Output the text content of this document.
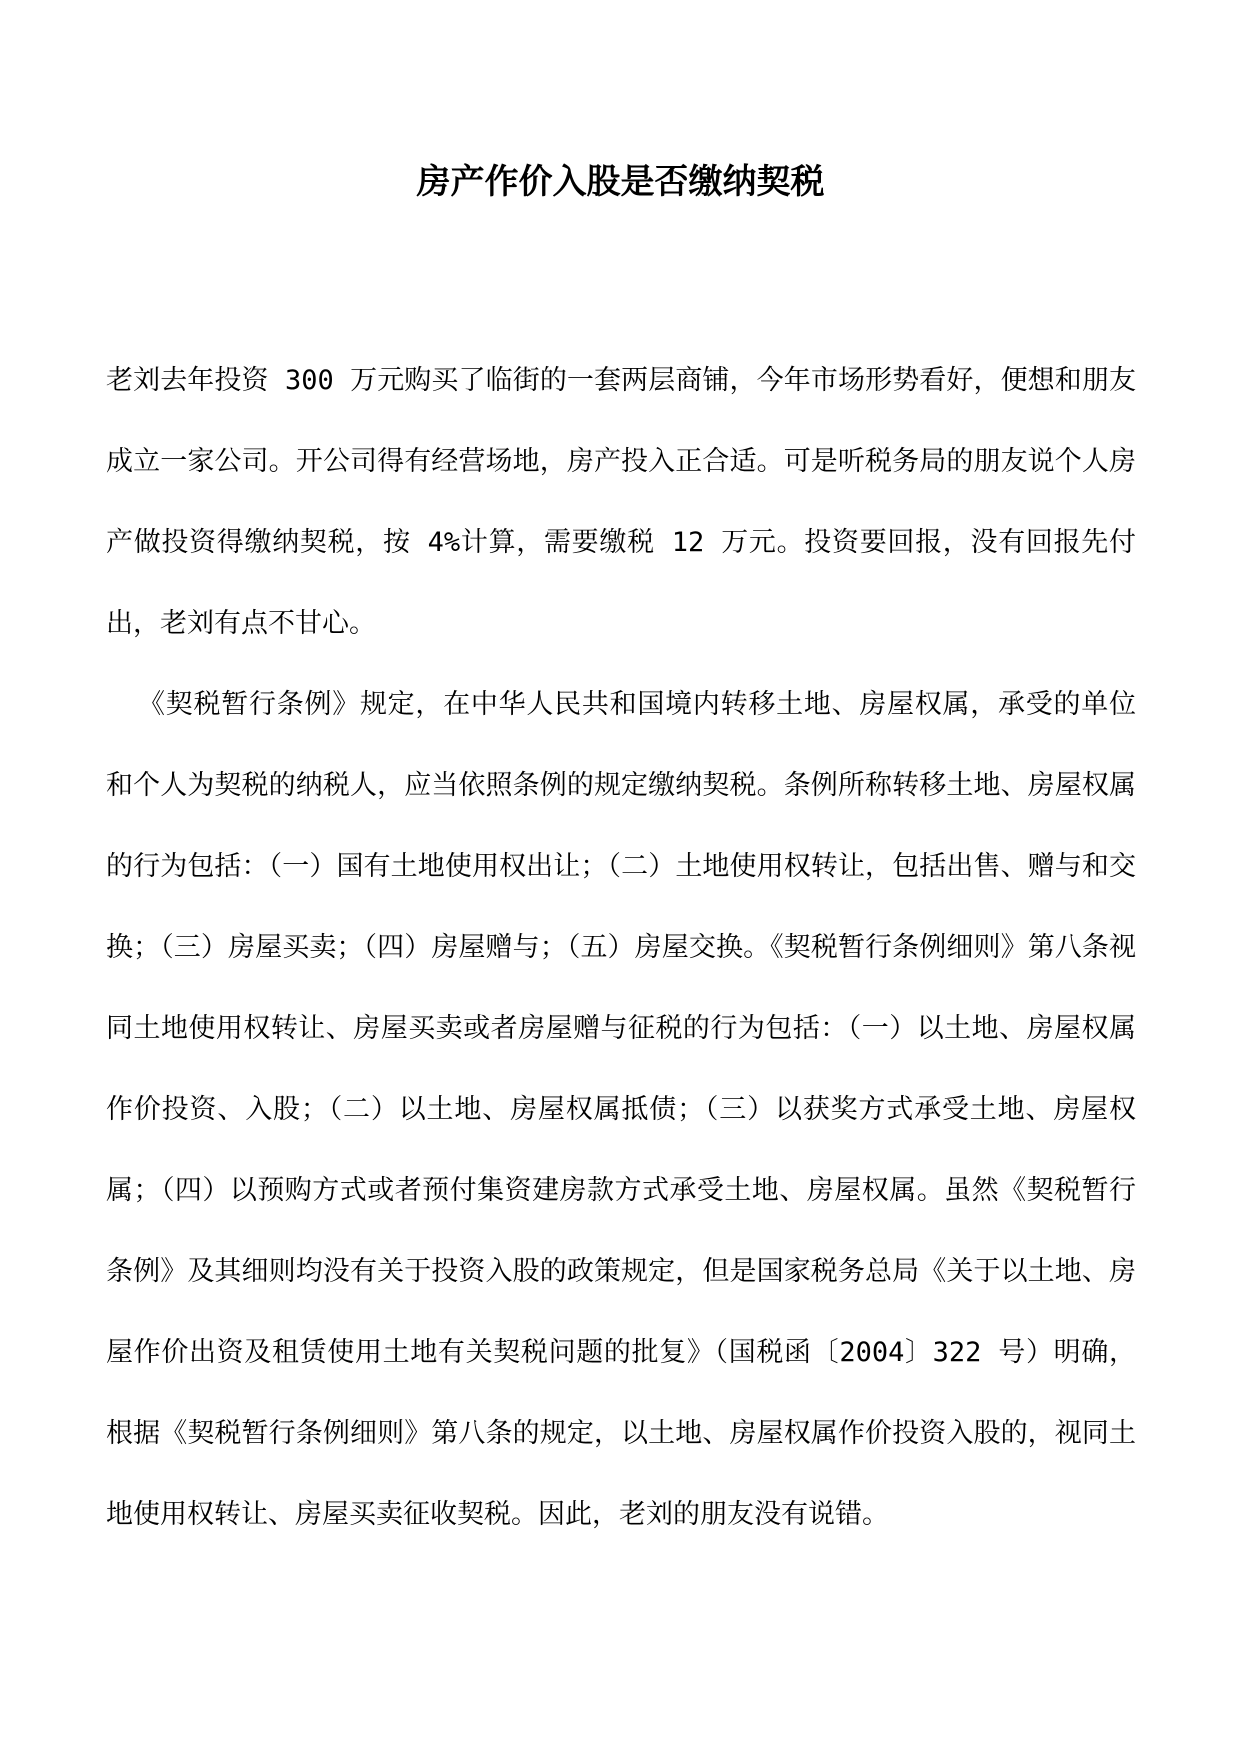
房产作价入股是否缴纳契税

老刘去年投资 300 万元购买了临街的一套两层商铺，今年市场形势看好，便想和朋友成立一家公司。开公司得有经营场地，房产投入正合适。可是听税务局的朋友说个人房产做投资得缴纳契税，按 4%计算，需要缴税 12 万元。投资要回报，没有回报先付出，老刘有点不甘心。

《契税暂行条例》规定，在中华人民共和国境内转移土地、房屋权属，承受的单位和个人为契税的纳税人，应当依照条例的规定缴纳契税。条例所称转移土地、房屋权属的行为包括：（一）国有土地使用权出让；（二）土地使用权转让，包括出售、赠与和交换；（三）房屋买卖；（四）房屋赠与；（五）房屋交换。《契税暂行条例细则》第八条视同土地使用权转让、房屋买卖或者房屋赠与征税的行为包括：（一）以土地、房屋权属作价投资、入股；（二）以土地、房屋权属抵债；（三）以获奖方式承受土地、房屋权属；（四）以预购方式或者预付集资建房款方式承受土地、房屋权属。虽然《契税暂行条例》及其细则均没有关于投资入股的政策规定，但是国家税务总局《关于以土地、房屋作价出资及租赁使用土地有关契税问题的批复》（国税函〔2004〕322 号）明确，根据《契税暂行条例细则》第八条的规定，以土地、房屋权属作价投资入股的，视同土地使用权转让、房屋买卖征收契税。因此，老刘的朋友没有说错。
